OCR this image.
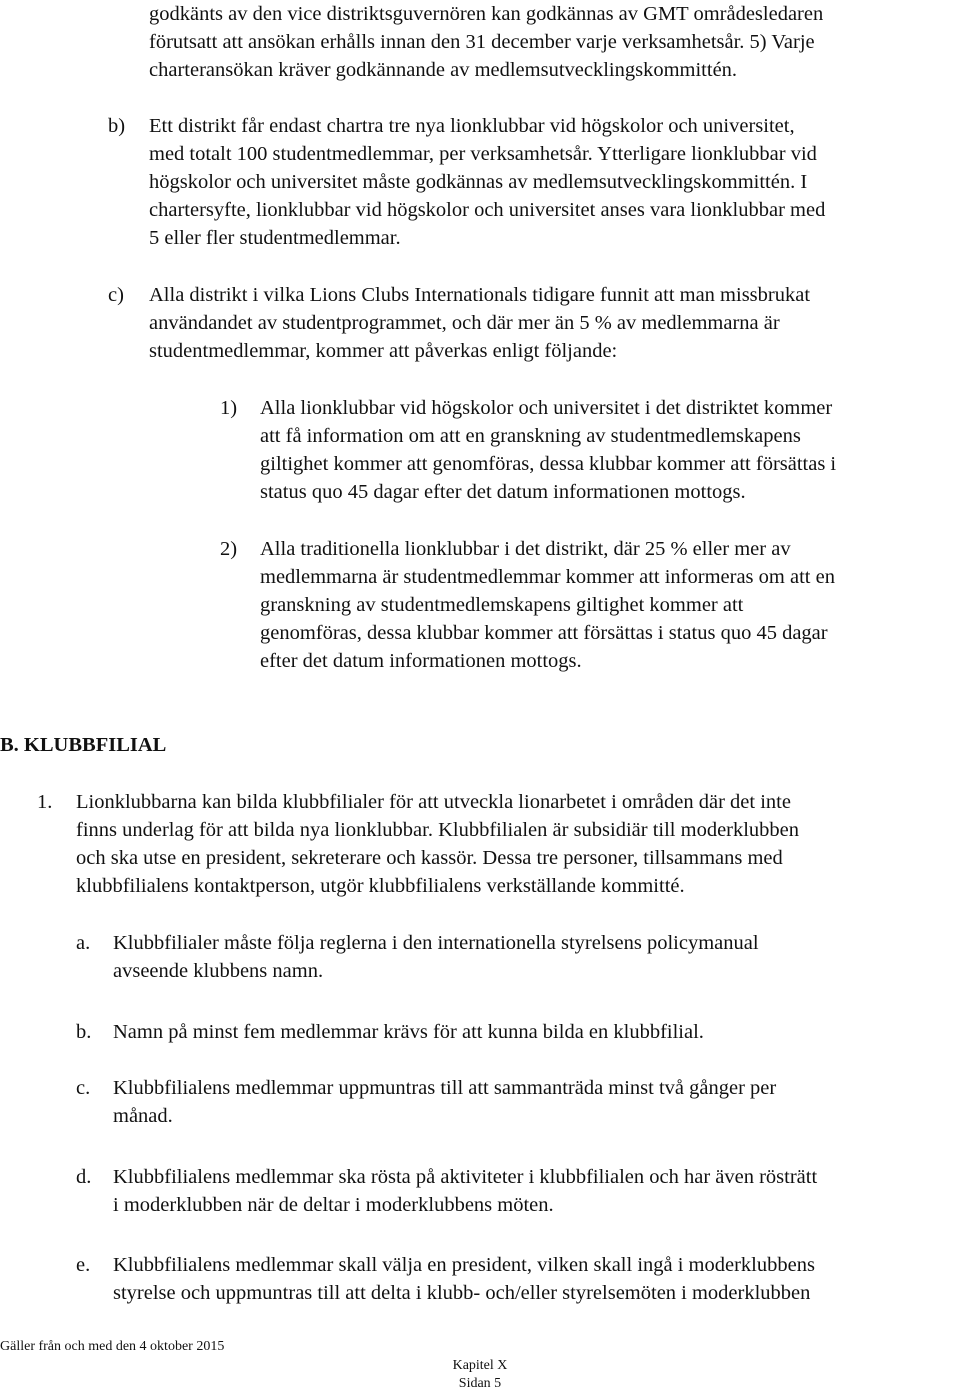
godkänts av den vice distriktsguvernören kan godkännas av GMT områdesledaren
förutsatt att ansökan erhålls innan den 31 december varje verksamhetsår. 5) Varje
charteransökan kräver godkännande av medlemsutvecklingskommittén.
b) Ett distrikt får endast chartra tre nya lionklubbar vid högskolor och universitet,
med totalt 100 studentmedlemmar, per verksamhetsår. Ytterligare lionklubbar vid
högskolor och universitet måste godkännas av medlemsutvecklingskommittén. I
chartersyfte, lionklubbar vid högskolor och universitet anses vara lionklubbar med
5 eller fler studentmedlemmar.
c) Alla distrikt i vilka Lions Clubs Internationals tidigare funnit att man missbrukat
användandet av studentprogrammet, och där mer än 5 % av medlemmarna är
studentmedlemmar, kommer att påverkas enligt följande:
1) Alla lionklubbar vid högskolor och universitet i det distriktet kommer
att få information om att en granskning av studentmedlemskapens
giltighet kommer att genomföras, dessa klubbar kommer att försättas i
status quo 45 dagar efter det datum informationen mottogs.
2) Alla traditionella lionklubbar i det distrikt, där 25 % eller mer av
medlemmarna är studentmedlemmar kommer att informeras om att en
granskning av studentmedlemskapens giltighet kommer att
genomföras, dessa klubbar kommer att försättas i status quo 45 dagar
efter det datum informationen mottogs.
B. KLUBBFILIAL
1. Lionklubbarna kan bilda klubbfilialer för att utveckla lionarbetet i områden där det inte
finns underlag för att bilda nya lionklubbar. Klubbfilialen är subsidiär till moderklubben
och ska utse en president, sekreterare och kassör. Dessa tre personer, tillsammans med
klubbfilialens kontaktperson, utgör klubbfilialens verkställande kommitté.
a. Klubbfilialer måste följa reglerna i den internationella styrelsens policymanual
avseende klubbens namn.
b. Namn på minst fem medlemmar krävs för att kunna bilda en klubbfilial.
c. Klubbfilialens medlemmar uppmuntras till att sammanträda minst två gånger per
månad.
d. Klubbfilialens medlemmar ska rösta på aktiviteter i klubbfilialen och har även rösträtt
i moderklubben när de deltar i moderklubbens möten.
e. Klubbfilialens medlemmar skall välja en president, vilken skall ingå i moderklubbens
styrelse och uppmuntras till att delta i klubb- och/eller styrelsemöten i moderklubben
Gäller från och med den 4 oktober 2015
Kapitel X
Sidan 5
